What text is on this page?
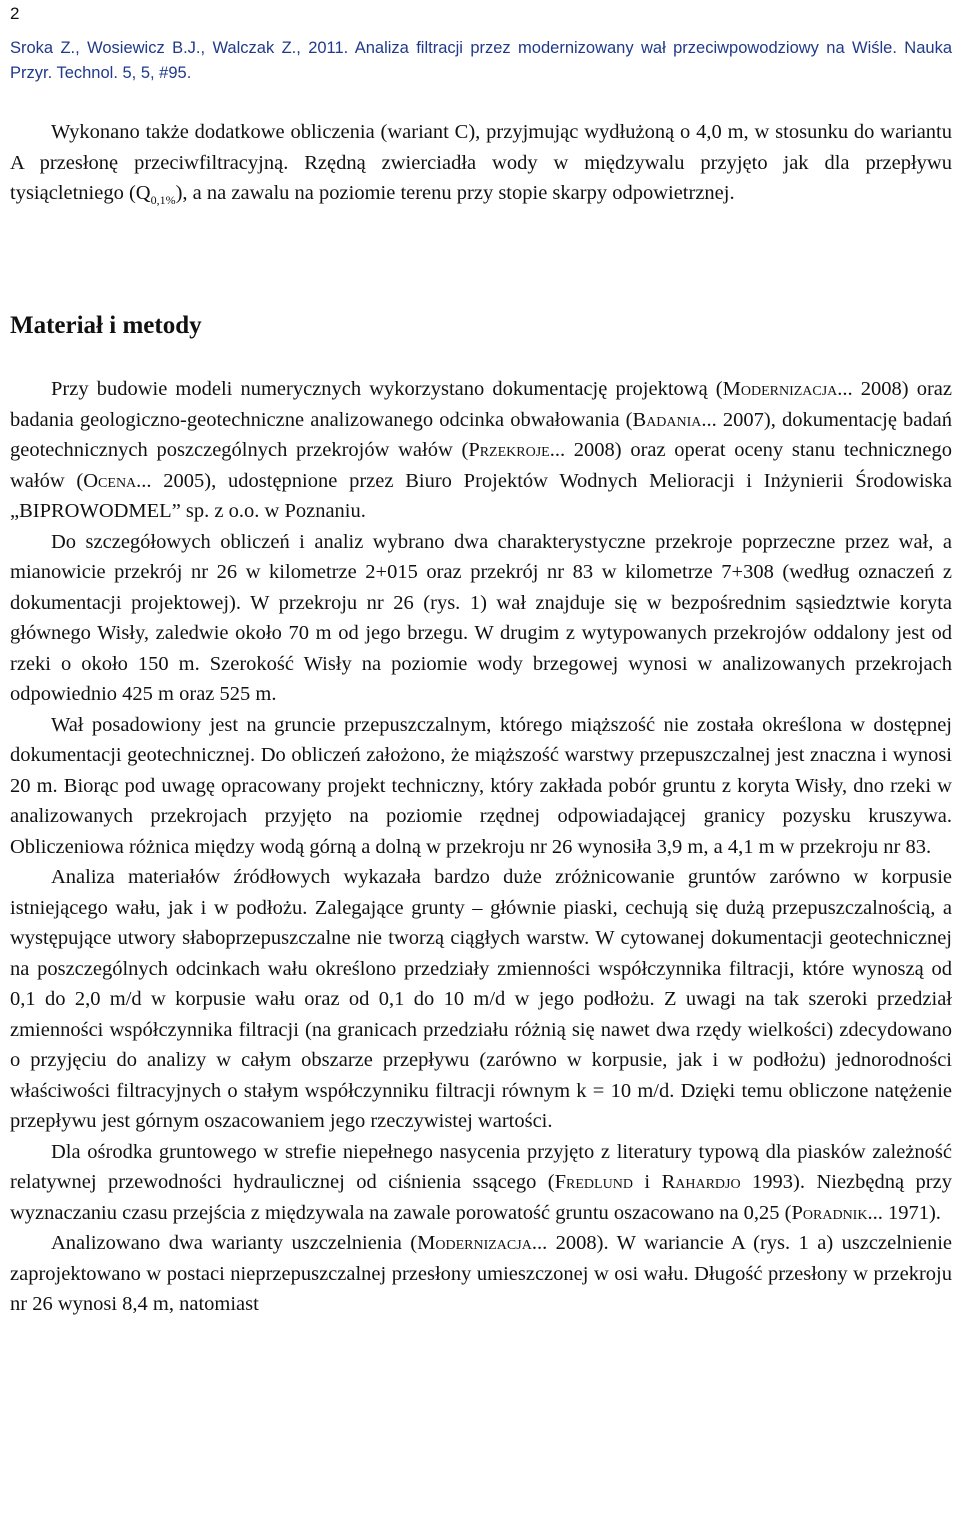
2
Sroka Z., Wosiewicz B.J., Walczak Z., 2011. Analiza filtracji przez modernizowany wał przeciwpowodziowy na Wiśle. Nauka Przyr. Technol. 5, 5, #95.

Wykonano także dodatkowe obliczenia (wariant C), przyjmując wydłużoną o 4,0 m, w stosunku do wariantu A przesłonę przeciwfiltracyjną. Rzędną zwierciadła wody w międzywalu przyjęto jak dla przepływu tysiącletniego $(Q_{0,1\%})$, a na zawalu na poziomie terenu przy stopie skarpy odpowietrznej.

Materiał i metody

Przy budowie modeli numerycznych wykorzystano dokumentację projektową (Modernizacja... 2008) oraz badania geologiczno-geotechniczne analizowanego odcinka obwałowania (Badania... 2007), dokumentację badań geotechnicznych poszczególnych przekrojów wałów (Przekroje... 2008) oraz operat oceny stanu technicznego wałów (Ocena... 2005), udostępnione przez Biuro Projektów Wodnych Melioracji i Inżynierii Środowiska „BIPROWODMEL” sp. z o.o. w Poznaniu.

Do szczegółowych obliczeń i analiz wybrano dwa charakterystyczne przekroje poprzeczne przez wał, a mianowicie przekrój nr 26 w kilometrze 2+015 oraz przekrój nr 83 w kilometrze 7+308 (według oznaczeń z dokumentacji projektowej). W przekroju nr 26 (rys. 1) wał znajduje się w bezpośrednim sąsiedztwie koryta głównego Wisły, zaledwie około 70 m od jego brzegu. W drugim z wytypowanych przekrojów oddalony jest od rzeki o około 150 m. Szerokość Wisły na poziomie wody brzegowej wynosi w analizowanych przekrojach odpowiednio 425 m oraz 525 m.

Wał posadowiony jest na gruncie przepuszczalnym, którego miąższość nie została określona w dostępnej dokumentacji geotechnicznej. Do obliczeń założono, że miąższość warstwy przepuszczalnej jest znaczna i wynosi 20 m. Biorąc pod uwagę opracowany projekt techniczny, który zakłada pobór gruntu z koryta Wisły, dno rzeki w analizowanych przekrojach przyjęto na poziomie rzędnej odpowiadającej granicy pozysku kruszywa. Obliczeniowa różnica między wodą górną a dolną w przekroju nr 26 wynosiła 3,9 m, a 4,1 m w przekroju nr 83.

Analiza materiałów źródłowych wykazała bardzo duże zróżnicowanie gruntów zarówno w korpusie istniejącego wału, jak i w podłożu. Zalegające grunty – głównie piaski, cechują się dużą przepuszczalnością, a występujące utwory słaboprzepuszczalne nie tworzą ciągłych warstw. W cytowanej dokumentacji geotechnicznej na poszczególnych odcinkach wału określono przedziały zmienności współczynnika filtracji, które wynoszą od 0,1 do 2,0 m/d w korpusie wału oraz od 0,1 do 10 m/d w jego podłożu. Z uwagi na tak szeroki przedział zmienności współczynnika filtracji (na granicach przedziału różnią się nawet dwa rzędy wielkości) zdecydowano o przyjęciu do analizy w całym obszarze przepływu (zarówno w korpusie, jak i w podłożu) jednorodności właściwości filtracyjnych o stałym współczynniku filtracji równym k = 10 m/d. Dzięki temu obliczone natężenie przepływu jest górnym oszacowaniem jego rzeczywistej wartości.

Dla ośrodka gruntowego w strefie niepełnego nasycenia przyjęto z literatury typową dla piasków zależność relatywnej przewodności hydraulicznej od ciśnienia ssącego (Fredlund i Rahardjo 1993). Niezbędną przy wyznaczaniu czasu przejścia z międzywala na zawale porowatość gruntu oszacowano na 0,25 (Poradnik... 1971).

Analizowano dwa warianty uszczelnienia (Modernizacja... 2008). W wariancie A (rys. 1 a) uszczelnienie zaprojektowano w postaci nieprzepuszczalnej przesłony umieszczonej w osi wału. Długość przesłony w przekroju nr 26 wynosi 8,4 m, natomiast
